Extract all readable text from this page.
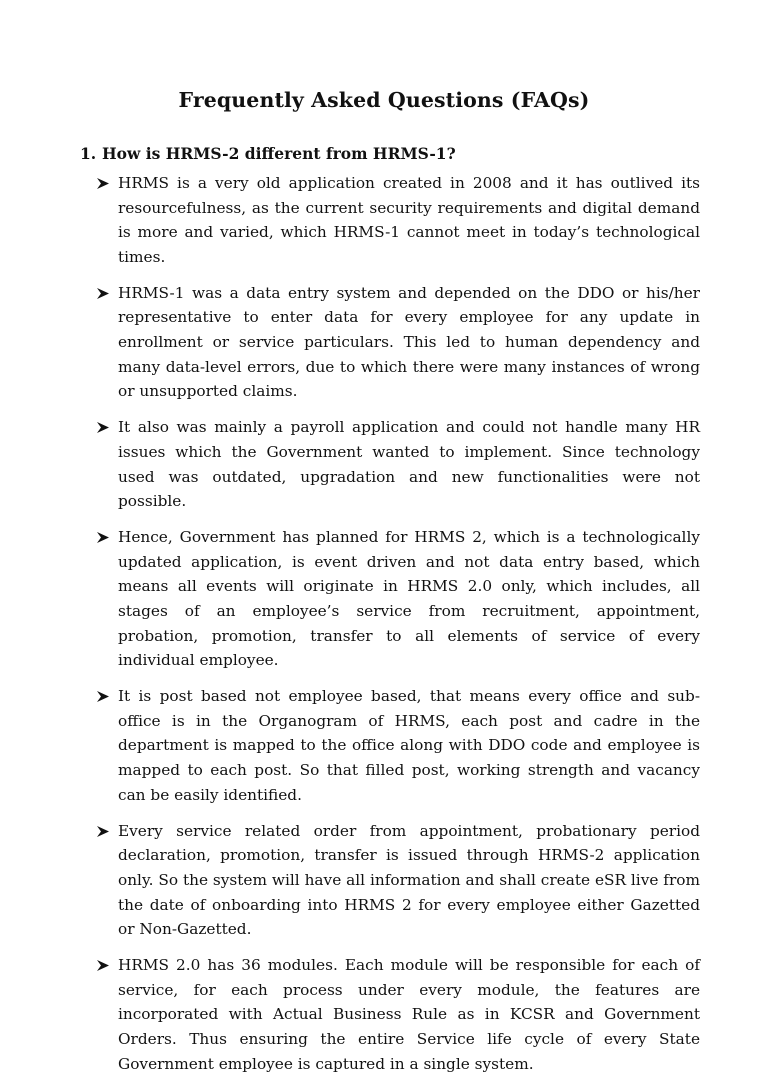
Frequently Asked Questions (FAQs)
1. How is HRMS-2 different from HRMS-1?
HRMS is a very old application created in 2008 and it has outlived its resourcefulness, as the current security requirements and digital demand is more and varied, which HRMS-1 cannot meet in today’s technological times.
HRMS-1 was a data entry system and depended on the DDO or his/her representative to enter data for every employee for any update in enrollment or service particulars. This led to human dependency and many data-level errors, due to which there were many instances of wrong or unsupported claims.
It also was mainly a payroll application and could not handle many HR issues which the Government wanted to implement. Since technology used was outdated, upgradation and new functionalities were not possible.
Hence, Government has planned for HRMS 2, which is a technologically updated application, is event driven and not data entry based, which means all events will originate in HRMS 2.0 only, which includes, all stages of an employee’s service from recruitment, appointment, probation, promotion, transfer to all elements of service of every individual employee.
It is post based not employee based, that means every office and sub-office is in the Organogram of HRMS, each post and cadre in the department is mapped to the office along with DDO code and employee is mapped to each post. So that filled post, working strength and vacancy can be easily identified.
Every service related order from appointment, probationary period declaration, promotion, transfer is issued through HRMS-2 application only. So the system will have all information and shall create eSR live from the date of onboarding into HRMS 2 for every employee either Gazetted or Non-Gazetted.
HRMS 2.0 has 36 modules. Each module will be responsible for each of service, for each process under every module, the features are incorporated with Actual Business Rule as in KCSR and Government Orders. Thus ensuring the entire Service life cycle of every State Government employee is captured in a single system.
